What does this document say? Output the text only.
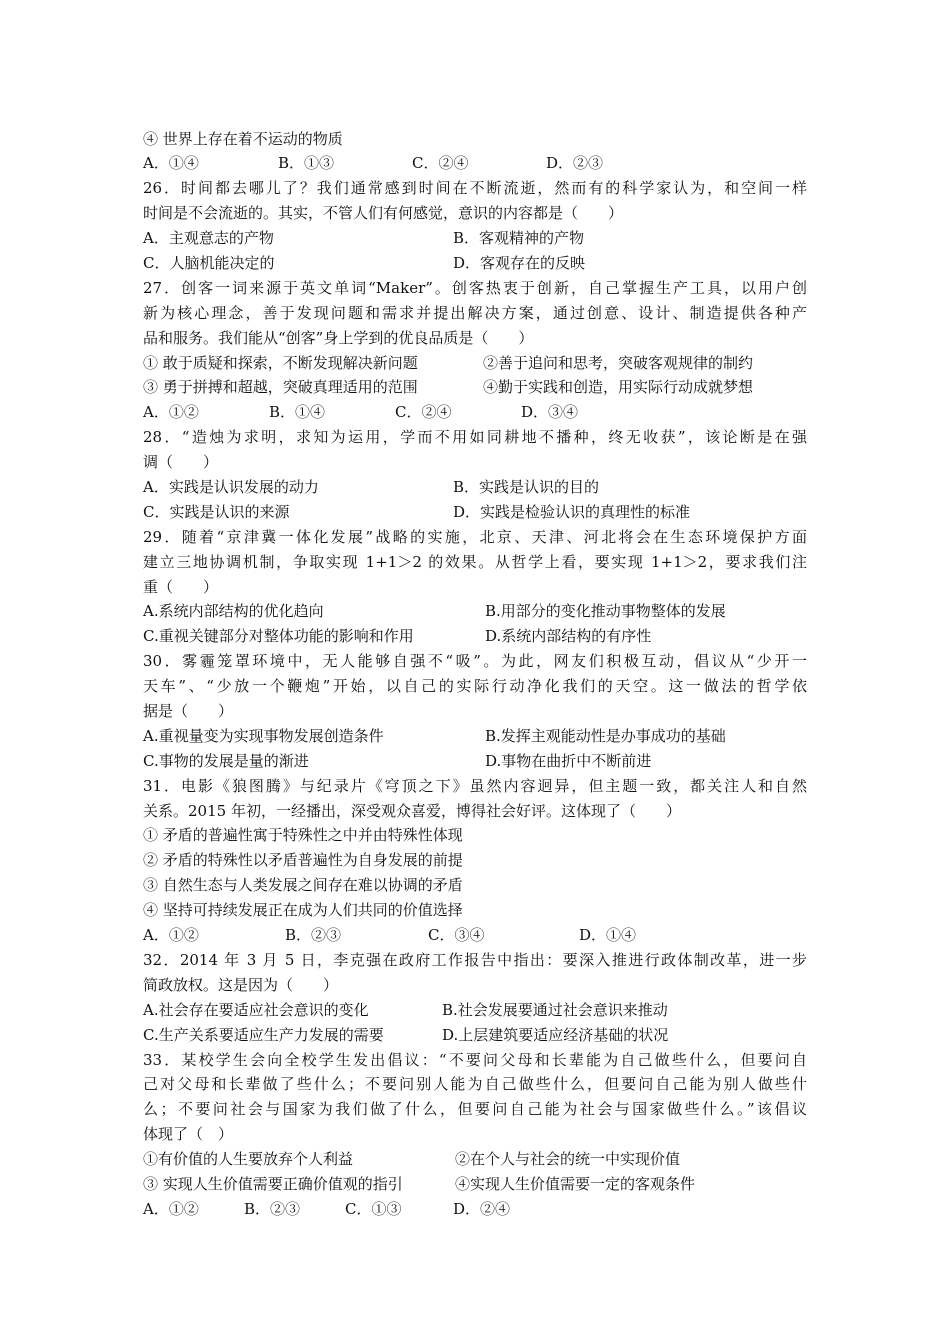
④ 世界上存在着不运动的物质
A．①④	B．①③	C．②④	D．②③
26．时间都去哪儿了？我们通常感到时间在不断流逝，然而有的科学家认为，和空间一样
时间是不会流逝的。其实，不管人们有何感觉，意识的内容都是（　　）
A．主观意志的产物	B．客观精神的产物
C．人脑机能决定的	D．客观存在的反映
27．创客一词来源于英文单词“Maker”。创客热衷于创新，自己掌握生产工具，以用户创
新为核心理念，善于发现问题和需求并提出解决方案，通过创意、设计、制造提供各种产
品和服务。我们能从“创客”身上学到的优良品质是（　　）
① 敢于质疑和探索，不断发现解决新问题	②善于追问和思考，突破客观规律的制约
③ 勇于拼搏和超越，突破真理适用的范围	④勤于实践和创造，用实际行动成就梦想
A．①②	B．①④	C．②④	D．③④
28．“造烛为求明，求知为运用，学而不用如同耕地不播种，终无收获”，该论断是在强
调（　　）
A．实践是认识发展的动力	B．实践是认识的目的
C．实践是认识的来源	D．实践是检验认识的真理性的标准
29．随着“京津冀一体化发展”战略的实施，北京、天津、河北将会在生态环境保护方面
建立三地协调机制，争取实现 1+1＞2 的效果。从哲学上看，要实现 1+1＞2，要求我们注
重（　　）
A.系统内部结构的优化趋向	B.用部分的变化推动事物整体的发展
C.重视关键部分对整体功能的影响和作用	D.系统内部结构的有序性
30．雾霾笼罩环境中，无人能够自强不“吸”。为此，网友们积极互动，倡议从“少开一
天车”、“少放一个鞭炮”开始，以自己的实际行动净化我们的天空。这一做法的哲学依
据是（　　）
A.重视量变为实现事物发展创造条件	B.发挥主观能动性是办事成功的基础
C.事物的发展是量的渐进	D.事物在曲折中不断前进
31．电影《狼图腾》与纪录片《穹顶之下》虽然内容迥异，但主题一致，都关注人和自然
关系。2015 年初，一经播出，深受观众喜爱，博得社会好评。这体现了（　　）
① 矛盾的普遍性寓于特殊性之中并由特殊性体现
② 矛盾的特殊性以矛盾普遍性为自身发展的前提
③ 自然生态与人类发展之间存在难以协调的矛盾
④ 坚持可持续发展正在成为人们共同的价值选择
A．①②	B．②③	C．③④	D．①④
32．2014 年 3 月 5 日，李克强在政府工作报告中指出：要深入推进行政体制改革，进一步
简政放权。这是因为（　　）
A.社会存在要适应社会意识的变化	B.社会发展要通过社会意识来推动
C.生产关系要适应生产力发展的需要	D.上层建筑要适应经济基础的状况
33．某校学生会向全校学生发出倡议：“不要问父母和长辈能为自己做些什么，但要问自
己对父母和长辈做了些什么；不要问别人能为自己做些什么，但要问自己能为别人做些什
么；不要问社会与国家为我们做了什么，但要问自己能为社会与国家做些什么。”该倡议
体现了（　）
①有价值的人生要放弃个人利益	②在个人与社会的统一中实现价值
③ 实现人生价值需要正确价值观的指引	④实现人生价值需要一定的客观条件
A．①②	B．②③	C．①③	D．②④
